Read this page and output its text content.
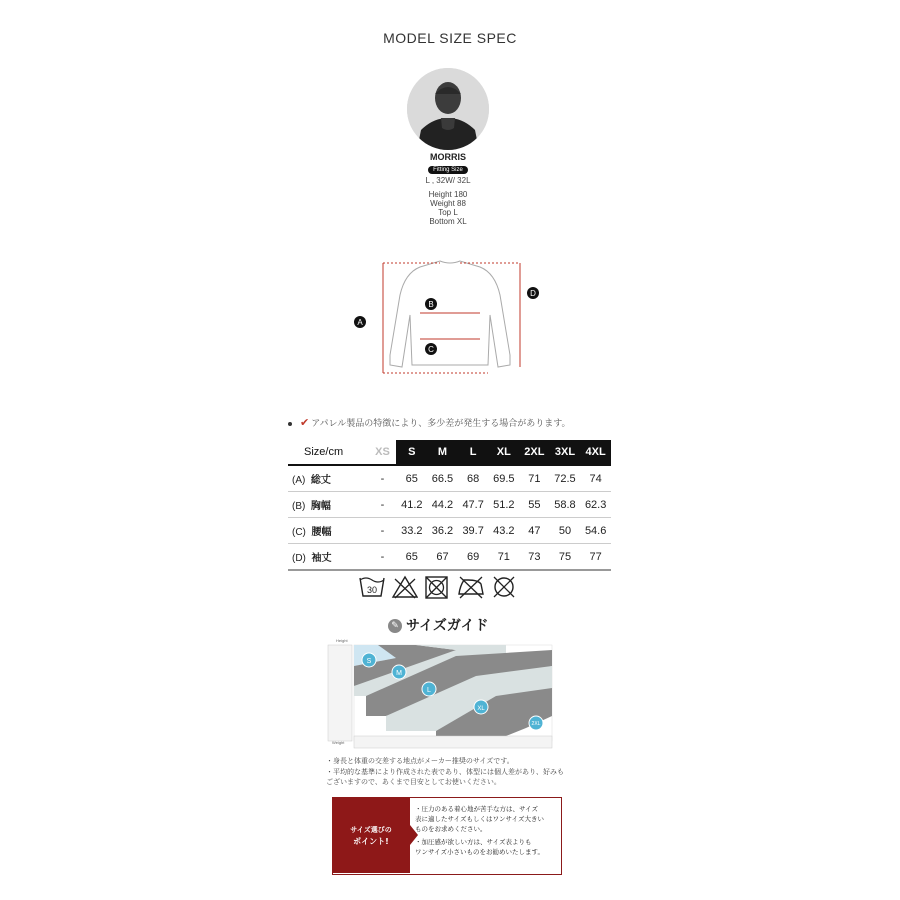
MODEL SIZE SPEC
MORRIS
Fitting Size
L , 32W/ 32L
Height 180
Weight 88
Top L
Bottom XL
A
B
C
D
✔ アパレル製品の特徴により、多少差が発生する場合があります。
Size/cm	XS	S	M	L	XL	2XL	3XL	4XL
(A) 総丈	-	65	66.5	68	69.5	71	72.5	74
(B) 胸幅	-	41.2	44.2	47.7	51.2	55	58.8	62.3
(C) 腰幅	-	33.2	36.2	39.7	43.2	47	50	54.6
(D) 袖丈	-	65	67	69	71	73	75	77
30
✎ サイズガイド
Height
Weight
S
M
L
XL
2XL
・身長と体重の交差する地点がメーカー推奨のサイズです。
・平均的な基準により作成された表であり、体型には個人差があり、好みも
ございますので、あくまで目安としてお使いください。
サイズ選びの
ポイント!
・圧力のある着心地が苦手な方は、サイズ
表に適したサイズもしくはワンサイズ大きい
ものをお求めください。
・加圧感が欲しい方は、サイズ表よりも
ワンサイズ小さいものをお勧めいたします。
